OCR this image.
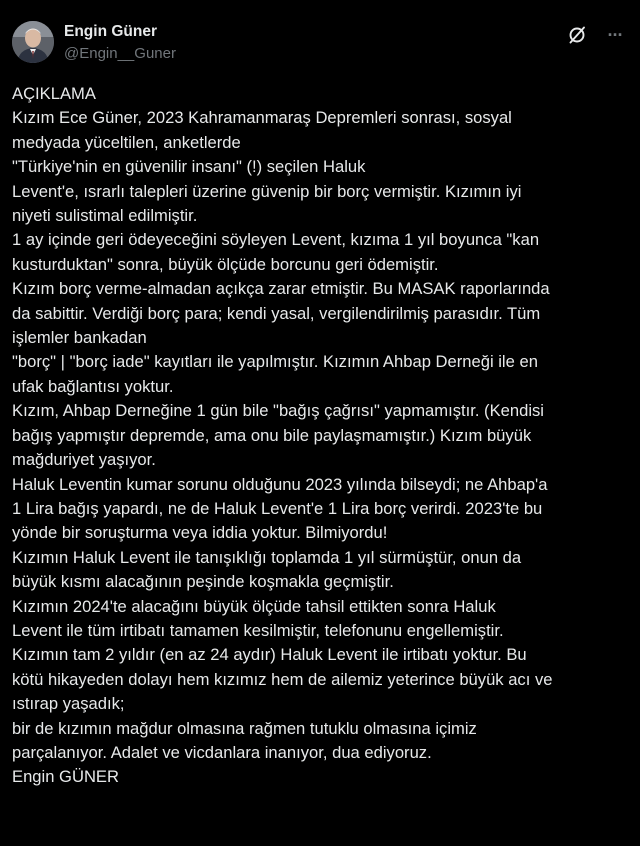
Engin Güner
@Engin__Guner
···
AÇIKLAMA
Kızım Ece Güner, 2023 Kahramanmaraş Depremleri sonrası, sosyal
medyada yüceltilen, anketlerde
"Türkiye'nin en güvenilir insanı" (!) seçilen Haluk
Levent'e, ısrarlı talepleri üzerine güvenip bir borç vermiştir. Kızımın iyi
niyeti sulistimal edilmiştir.
1 ay içinde geri ödeyeceğini söyleyen Levent, kızıma 1 yıl boyunca "kan
kusturduktan" sonra, büyük ölçüde borcunu geri ödemiştir.
Kızım borç verme-almadan açıkça zarar etmiştir. Bu MASAK raporlarında
da sabittir. Verdiği borç para; kendi yasal, vergilendirilmiş parasıdır. Tüm
işlemler bankadan
"borç" | "borç iade" kayıtları ile yapılmıştır. Kızımın Ahbap Derneği ile en
ufak bağlantısı yoktur.
Kızım, Ahbap Derneğine 1 gün bile "bağış çağrısı" yapmamıştır. (Kendisi
bağış yapmıştır depremde, ama onu bile paylaşmamıştır.) Kızım büyük
mağduriyet yaşıyor.
Haluk Leventin kumar sorunu olduğunu 2023 yılında bilseydi; ne Ahbap'a
1 Lira bağış yapardı, ne de Haluk Levent'e 1 Lira borç verirdi. 2023'te bu
yönde bir soruşturma veya iddia yoktur. Bilmiyordu!
Kızımın Haluk Levent ile tanışıklığı toplamda 1 yıl sürmüştür, onun da
büyük kısmı alacağının peşinde koşmakla geçmiştir.
Kızımın 2024'te alacağını büyük ölçüde tahsil ettikten sonra Haluk
Levent ile tüm irtibatı tamamen kesilmiştir, telefonunu engellemiştir.
Kızımın tam 2 yıldır (en az 24 aydır) Haluk Levent ile irtibatı yoktur. Bu
kötü hikayeden dolayı hem kızımız hem de ailemiz yeterince büyük acı ve
ıstırap yaşadık;
bir de kızımın mağdur olmasına rağmen tutuklu olmasına içimiz
parçalanıyor. Adalet ve vicdanlara inanıyor, dua ediyoruz.
Engin GÜNER
